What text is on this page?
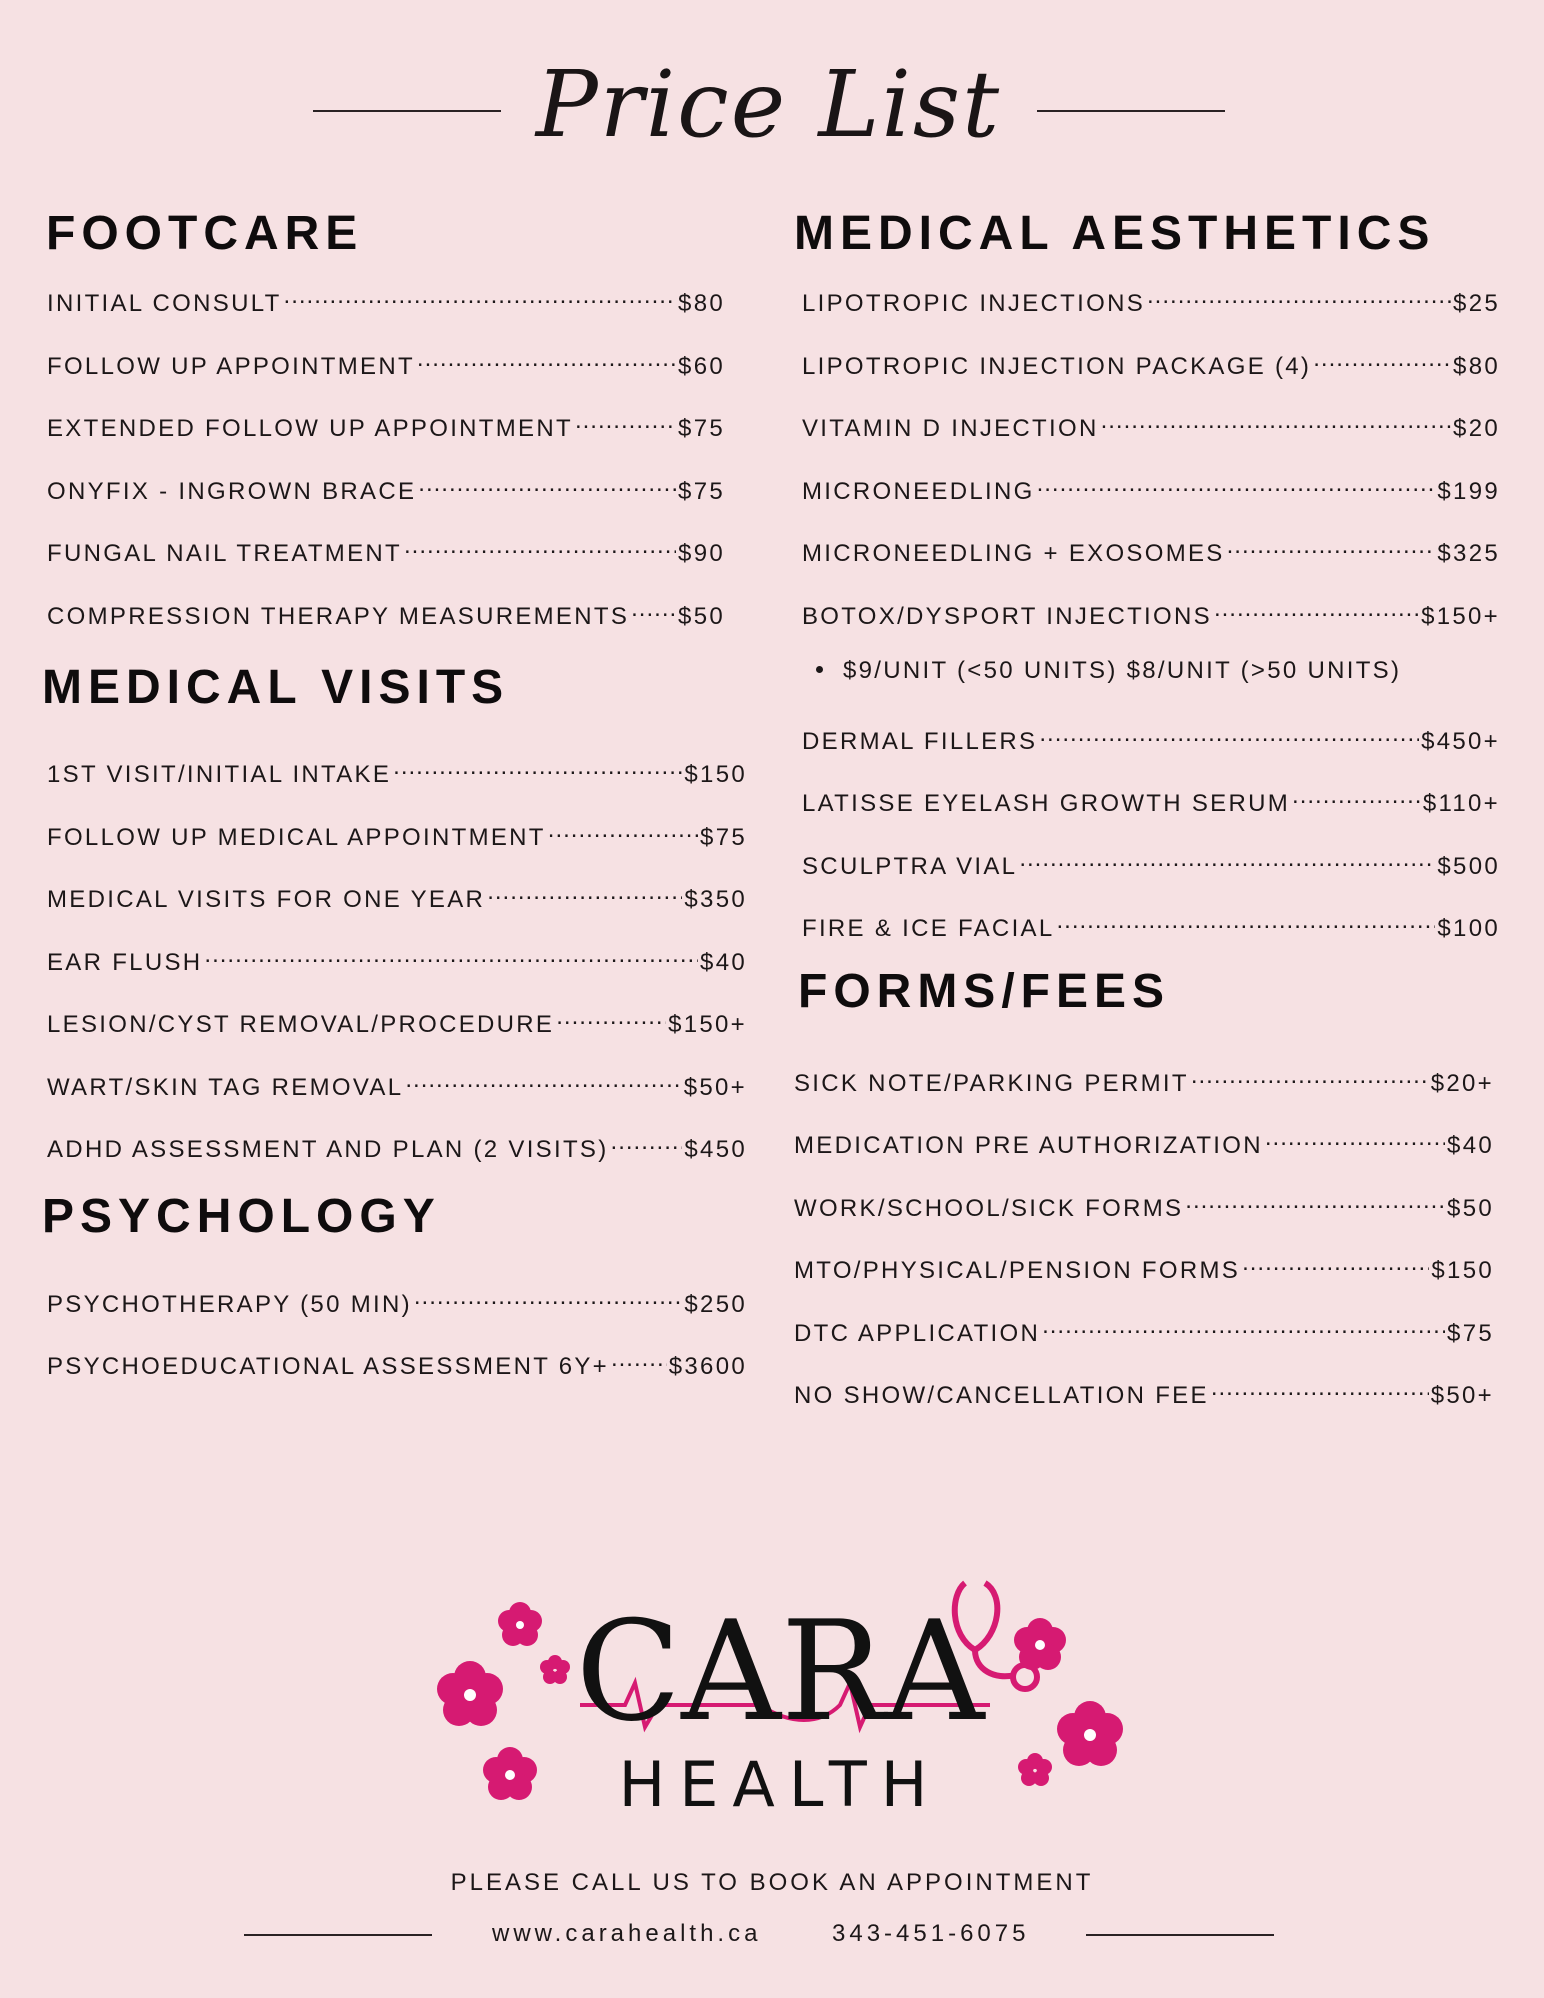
Price List
FOOTCARE
INITIAL CONSULT .....	$80
FOLLOW UP APPOINTMENT .....	$60
EXTENDED FOLLOW UP APPOINTMENT .....	$75
ONYFIX - INGROWN BRACE .....	$75
FUNGAL NAIL TREATMENT .....	$90
COMPRESSION THERAPY MEASUREMENTS ..... $50
MEDICAL VISITS
1ST VISIT/INITIAL INTAKE .....	$150
FOLLOW UP MEDICAL APPOINTMENT .....	$75
MEDICAL VISITS FOR ONE YEAR .....	$350
EAR FLUSH .....	$40
LESION/CYST REMOVAL/PROCEDURE .....	$150+
WART/SKIN TAG REMOVAL .....	$50+
ADHD ASSESSMENT AND PLAN (2 VISITS) .....	$450
PSYCHOLOGY
PSYCHOTHERAPY (50 MIN) .....	$250
PSYCHOEDUCATIONAL ASSESSMENT 6Y+ ..... $3600
MEDICAL AESTHETICS
LIPOTROPIC INJECTIONS .....	$25
LIPOTROPIC INJECTION PACKAGE (4) .....	$80
VITAMIN D INJECTION .....	$20
MICRONEEDLING .....	$199
MICRONEEDLING + EXOSOMES .....	$325
BOTOX/DYSPORT INJECTIONS .....	$150+
$9/UNIT (<50 UNITS) $8/UNIT (>50 UNITS)
DERMAL FILLERS .....	$450+
LATISSE EYELASH GROWTH SERUM .....	$110+
SCULPTRA VIAL .....	$500
FIRE & ICE FACIAL .....	$100
FORMS/FEES
SICK NOTE/PARKING PERMIT .....	$20+
MEDICATION PRE AUTHORIZATION .....	$40
WORK/SCHOOL/SICK FORMS .....	$50
MTO/PHYSICAL/PENSION FORMS .....	$150
DTC APPLICATION .....	$75
NO SHOW/CANCELLATION FEE .....	$50+
CARA
HEALTH
PLEASE CALL US TO BOOK AN APPOINTMENT
www.carahealth.ca	343-451-6075
